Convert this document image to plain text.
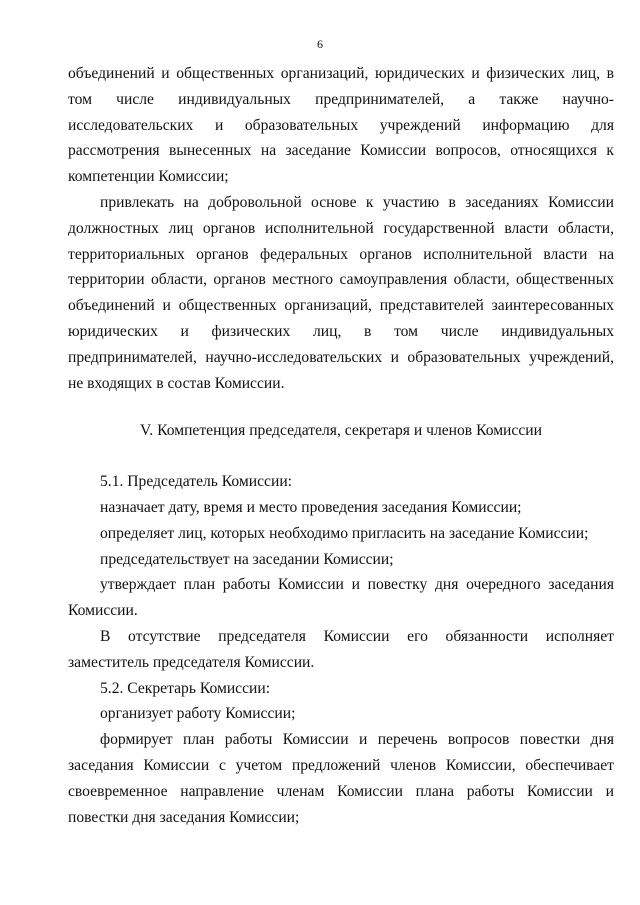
6

объединений и общественных организаций, юридических и физических лиц, в том числе индивидуальных предпринимателей, а также научно-исследовательских и образовательных учреждений информацию для рассмотрения вынесенных на заседание Комиссии вопросов, относящихся к компетенции Комиссии;

привлекать на добровольной основе к участию в заседаниях Комиссии должностных лиц органов исполнительной государственной власти области, территориальных органов федеральных органов исполнительной власти на территории области, органов местного самоуправления области, общественных объединений и общественных организаций, представителей заинтересованных юридических и физических лиц, в том числе индивидуальных предпринимателей, научно-исследовательских и образовательных учреждений, не входящих в состав Комиссии.

V. Компетенция председателя, секретаря и членов Комиссии

5.1. Председатель Комиссии:

назначает дату, время и место проведения заседания Комиссии;

определяет лиц, которых необходимо пригласить на заседание Комиссии;

председательствует на заседании Комиссии;

утверждает план работы Комиссии и повестку дня очередного заседания Комиссии.

В отсутствие председателя Комиссии его обязанности исполняет заместитель председателя Комиссии.

5.2. Секретарь Комиссии:

организует работу Комиссии;

формирует план работы Комиссии и перечень вопросов повестки дня заседания Комиссии с учетом предложений членов Комиссии, обеспечивает своевременное направление членам Комиссии плана работы Комиссии и повестки дня заседания Комиссии;
